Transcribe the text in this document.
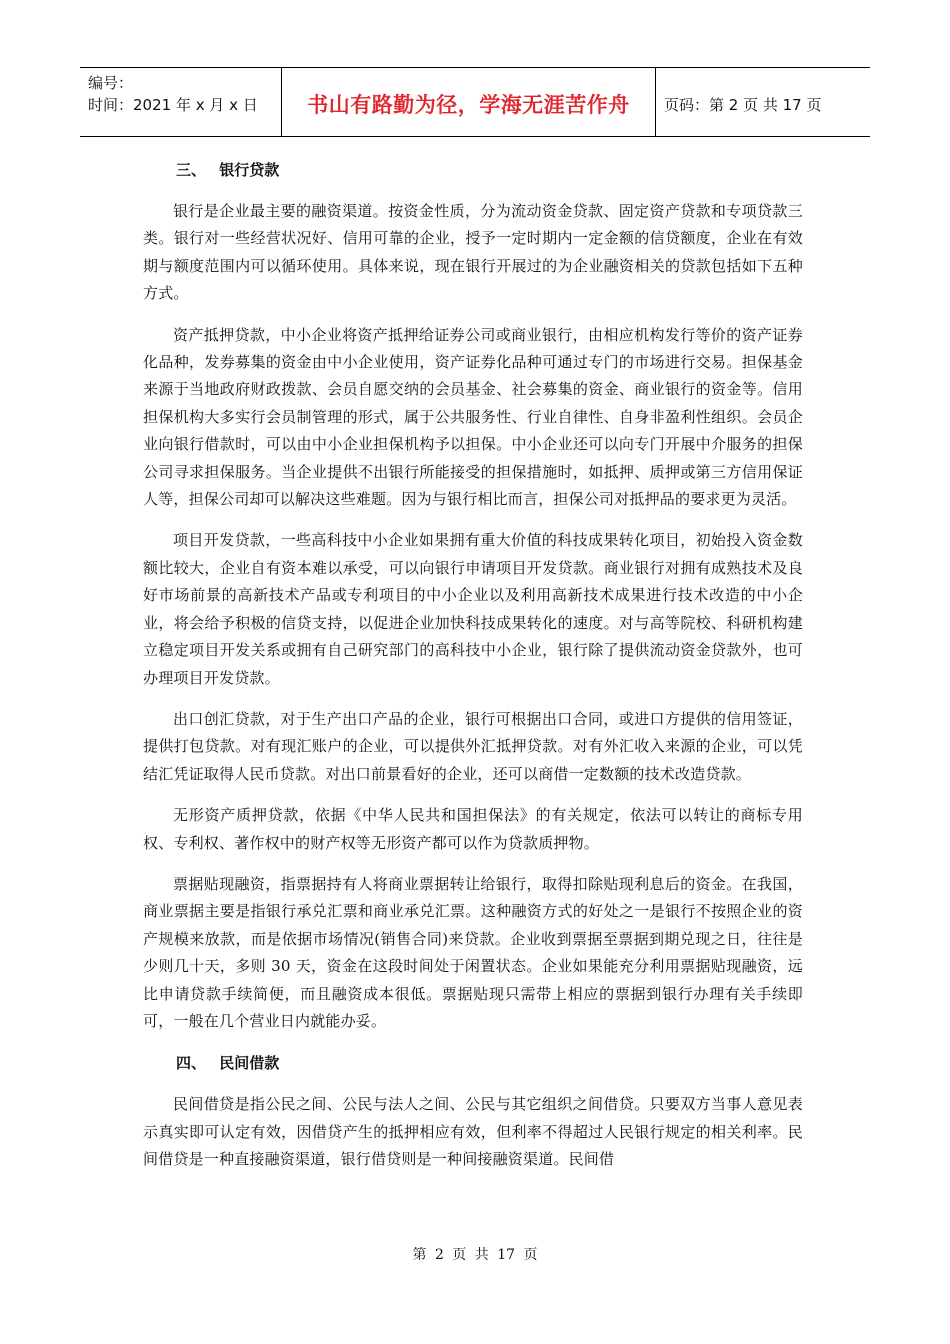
编号：
时间：2021 年 x 月 x 日	书山有路勤为径，学海无涯苦作舟	页码：第 2 页 共 17 页
三、 银行贷款

银行是企业最主要的融资渠道。按资金性质，分为流动资金贷款、固定资产贷款和专项贷款三类。银行对一些经营状况好、信用可靠的企业，授予一定时期内一定金额的信贷额度，企业在有效期与额度范围内可以循环使用。具体来说，现在银行开展过的为企业融资相关的贷款包括如下五种方式。

资产抵押贷款，中小企业将资产抵押给证券公司或商业银行，由相应机构发行等价的资产证券化品种，发券募集的资金由中小企业使用，资产证券化品种可通过专门的市场进行交易。担保基金来源于当地政府财政拨款、会员自愿交纳的会员基金、社会募集的资金、商业银行的资金等。信用担保机构大多实行会员制管理的形式，属于公共服务性、行业自律性、自身非盈利性组织。会员企业向银行借款时，可以由中小企业担保机构予以担保。中小企业还可以向专门开展中介服务的担保公司寻求担保服务。当企业提供不出银行所能接受的担保措施时，如抵押、质押或第三方信用保证人等，担保公司却可以解决这些难题。因为与银行相比而言，担保公司对抵押品的要求更为灵活。

项目开发贷款，一些高科技中小企业如果拥有重大价值的科技成果转化项目，初始投入资金数额比较大，企业自有资本难以承受，可以向银行申请项目开发贷款。商业银行对拥有成熟技术及良好市场前景的高新技术产品或专利项目的中小企业以及利用高新技术成果进行技术改造的中小企业，将会给予积极的信贷支持，以促进企业加快科技成果转化的速度。对与高等院校、科研机构建立稳定项目开发关系或拥有自己研究部门的高科技中小企业，银行除了提供流动资金贷款外，也可办理项目开发贷款。

出口创汇贷款，对于生产出口产品的企业，银行可根据出口合同，或进口方提供的信用签证，提供打包贷款。对有现汇账户的企业，可以提供外汇抵押贷款。对有外汇收入来源的企业，可以凭结汇凭证取得人民币贷款。对出口前景看好的企业，还可以商借一定数额的技术改造贷款。

无形资产质押贷款，依据《中华人民共和国担保法》的有关规定，依法可以转让的商标专用权、专利权、著作权中的财产权等无形资产都可以作为贷款质押物。

票据贴现融资，指票据持有人将商业票据转让给银行，取得扣除贴现利息后的资金。在我国，商业票据主要是指银行承兑汇票和商业承兑汇票。这种融资方式的好处之一是银行不按照企业的资产规模来放款，而是依据市场情况(销售合同)来贷款。企业收到票据至票据到期兑现之日，往往是少则几十天，多则 30 天，资金在这段时间处于闲置状态。企业如果能充分利用票据贴现融资，远比申请贷款手续简便，而且融资成本很低。票据贴现只需带上相应的票据到银行办理有关手续即可，一般在几个营业日内就能办妥。

四、 民间借款

民间借贷是指公民之间、公民与法人之间、公民与其它组织之间借贷。只要双方当事人意见表示真实即可认定有效，因借贷产生的抵押相应有效，但利率不得超过人民银行规定的相关利率。民间借贷是一种直接融资渠道，银行借贷则是一种间接融资渠道。民间借

第 2 页 共 17 页
